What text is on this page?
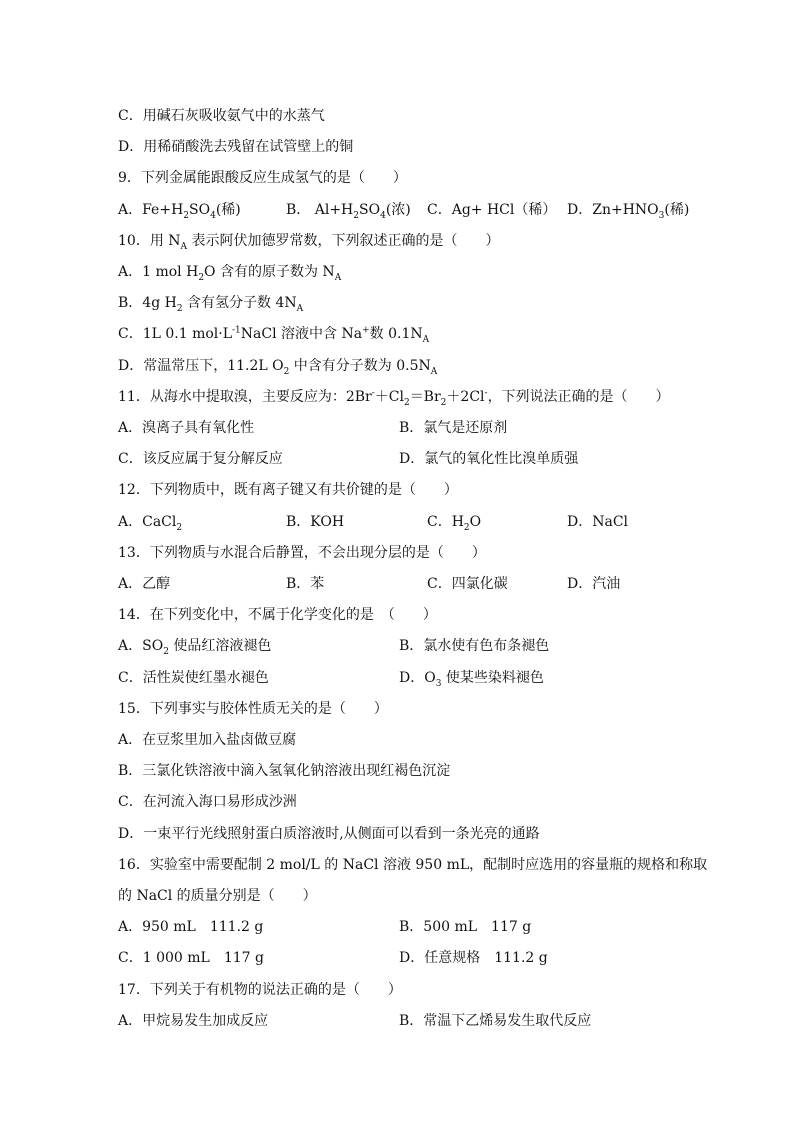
C．用碱石灰吸收氨气中的水蒸气
D．用稀硝酸洗去残留在试管壁上的铜
9．下列金属能跟酸反应生成氢气的是（　　）
A．$Fe+H_2SO_4$(稀)	B． $Al+H_2SO_4$(浓) C．Ag+ HCl（稀） D．$Zn+HNO_3$(稀)
10．用 $N_A$ 表示阿伏加德罗常数，下列叙述正确的是（　　）
A．1 mol $H_2O$ 含有的原子数为 $N_A$
B．4g $H_2$ 含有氢分子数 $4N_A$
C．1L 0.1 $mol\cdot L^{-1}NaCl$ 溶液中含 Na+数 $0.1N_A$
D．常温常压下，11.2L $O_2$ 中含有分子数为 $0.5N_A$
11．从海水中提取溴，主要反应为：$2Br^-+Cl_2=Br_2+2Cl^-$，下列说法正确的是（　　）
A．溴离子具有氧化性	B．氯气是还原剂
C．该反应属于复分解反应	D．氯气的氧化性比溴单质强
12．下列物质中，既有离子键又有共价键的是（　　）
A．CaCl$_2$	B．KOH	C．$H_2O$	D．NaCl
13．下列物质与水混合后静置，不会出现分层的是（　　）
A．乙醇	B．苯	C．四氯化碳	D．汽油
14．在下列变化中，不属于化学变化的是　（　　）
A．$SO_2$ 使品红溶液褪色	B．氯水使有色布条褪色
C．活性炭使红墨水褪色	D．$O_3$ 使某些染料褪色
15．下列事实与胶体性质无关的是（　　）
A．在豆浆里加入盐卤做豆腐
B．三氯化铁溶液中滴入氢氧化钠溶液出现红褐色沉淀
C．在河流入海口易形成沙洲
D．一束平行光线照射蛋白质溶液时,从侧面可以看到一条光亮的通路
16．实验室中需要配制 2 mol/L 的 NaCl 溶液 950 mL，配制时应选用的容量瓶的规格和称取
的 NaCl 的质量分别是（　　）
A．950 mL　111.2 g	B．500 mL　117 g
C．1 000 mL　117 g	D．任意规格　111.2 g
17．下列关于有机物的说法正确的是（　　）
A．甲烷易发生加成反应	B．常温下乙烯易发生取代反应
